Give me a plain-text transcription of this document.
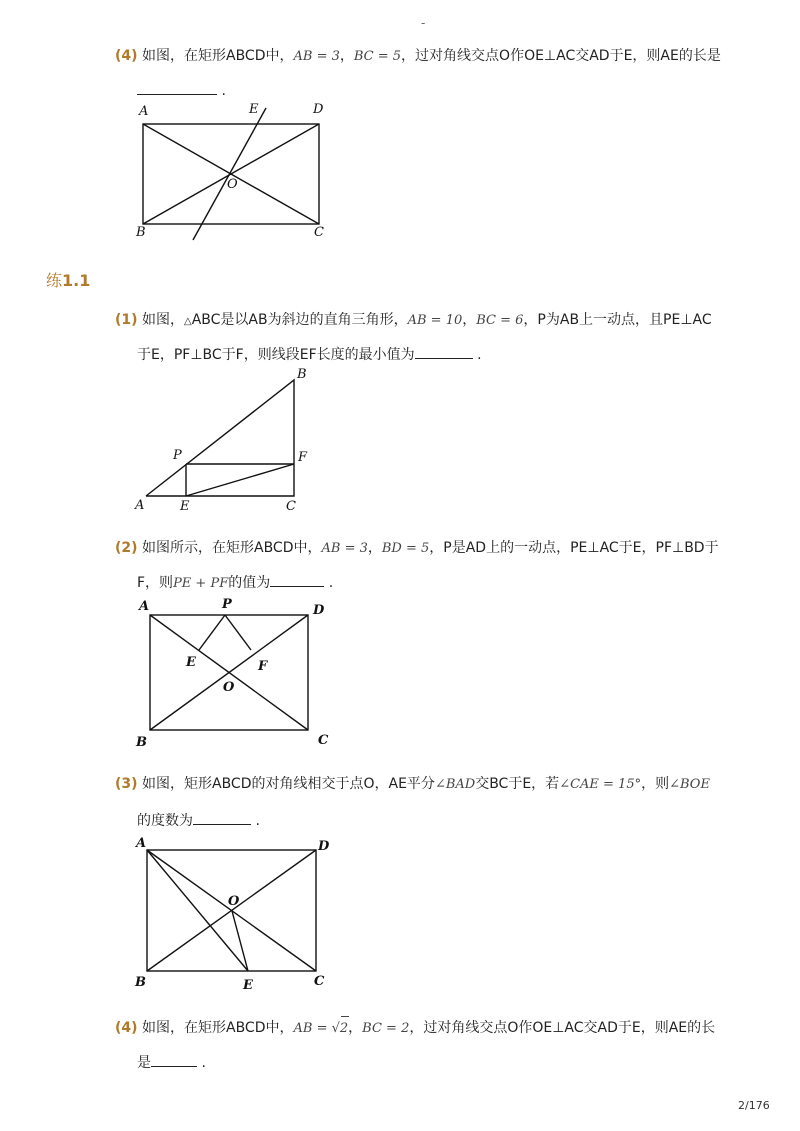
-
(4) 如图，在矩形ABCD中，AB = 3，BC = 5，过对角线交点O作OE⊥AC交AD于E，则AE的长是
.
A	E	D
O
B	C
练1.1
(1) 如图，△ABC是以AB为斜边的直角三角形，AB = 10，BC = 6，P为AB上一动点，且PE⊥AC
于E，PF⊥BC于F，则线段EF长度的最小值为	.
B
P	F
A	E	C
(2) 如图所示，在矩形ABCD中，AB = 3，BD = 5，P是AD上的一动点，PE⊥AC于E，PF⊥BD于
F，则PE + PF的值为	.
A	P	D
E	F
O
B	C
(3) 如图，矩形ABCD的对角线相交于点O，AE平分∠BAD交BC于E，若∠CAE = 15°，则∠BOE
的度数为	.
A	D
O
B	E	C
(4) 如图，在矩形ABCD中，AB =
√2，BC = 2，过对角线交点O作OE⊥AC交AD于E，则AE的长
是	.
2/176
